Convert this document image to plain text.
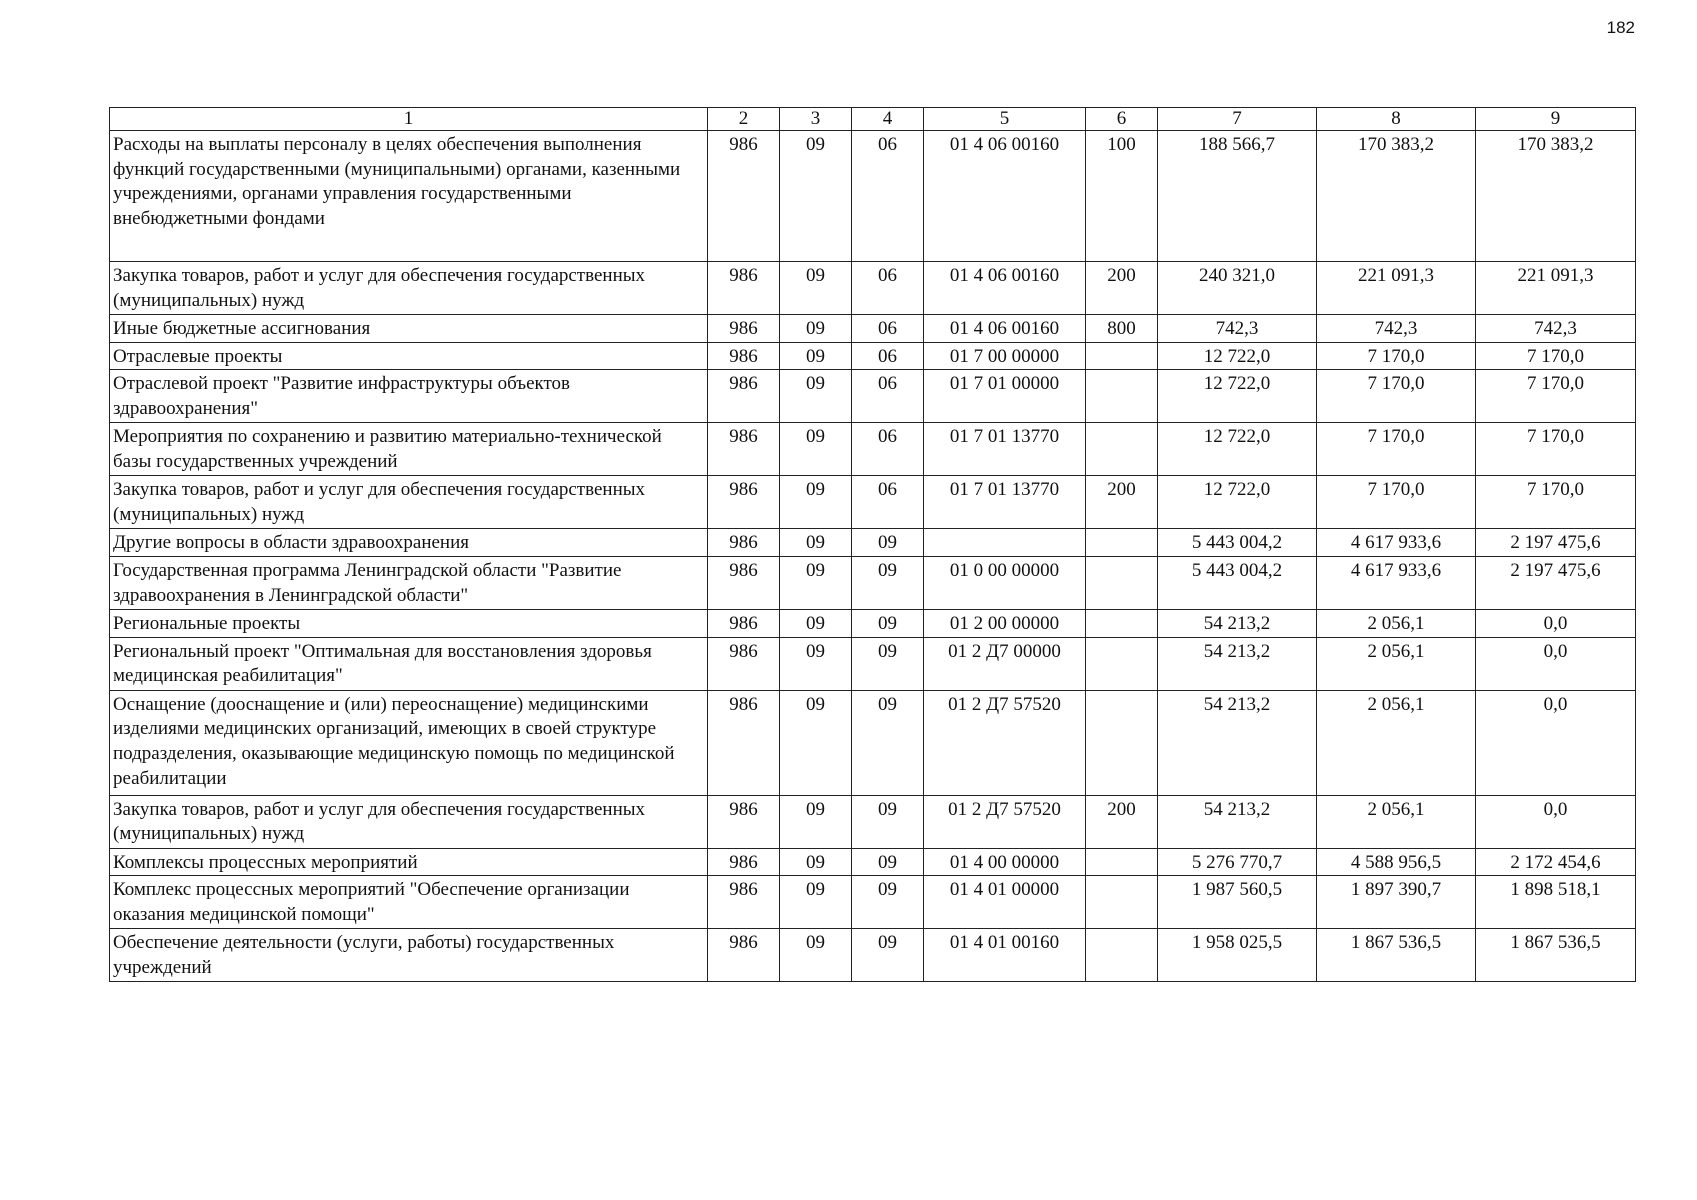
182
1	2	3	4	5	6	7	8	9
Расходы на выплаты персоналу в целях обеспечения выполнения функций государственными (муниципальными) органами, казенными учреждениями, органами управления государственными внебюджетными фондами	986	09	06	01 4 06 00160	100	188 566,7	170 383,2	170 383,2
Закупка товаров, работ и услуг для обеспечения государственных (муниципальных) нужд	986	09	06	01 4 06 00160	200	240 321,0	221 091,3	221 091,3
Иные бюджетные ассигнования	986	09	06	01 4 06 00160	800	742,3	742,3	742,3
Отраслевые проекты	986	09	06	01 7 00 00000		12 722,0	7 170,0	7 170,0
Отраслевой проект "Развитие инфраструктуры объектов здравоохранения"	986	09	06	01 7 01 00000		12 722,0	7 170,0	7 170,0
Мероприятия по сохранению и развитию материально-технической базы государственных учреждений	986	09	06	01 7 01 13770		12 722,0	7 170,0	7 170,0
Закупка товаров, работ и услуг для обеспечения государственных (муниципальных) нужд	986	09	06	01 7 01 13770	200	12 722,0	7 170,0	7 170,0
Другие вопросы в области здравоохранения	986	09	09			5 443 004,2	4 617 933,6	2 197 475,6
Государственная программа Ленинградской области "Развитие здравоохранения в Ленинградской области"	986	09	09	01 0 00 00000		5 443 004,2	4 617 933,6	2 197 475,6
Региональные проекты	986	09	09	01 2 00 00000		54 213,2	2 056,1	0,0
Региональный проект "Оптимальная для восстановления здоровья медицинская реабилитация"	986	09	09	01 2 Д7 00000		54 213,2	2 056,1	0,0
Оснащение (дооснащение и (или) переоснащение) медицинскими изделиями медицинских организаций, имеющих в своей структуре подразделения, оказывающие медицинскую помощь по медицинской реабилитации	986	09	09	01 2 Д7 57520		54 213,2	2 056,1	0,0
Закупка товаров, работ и услуг для обеспечения государственных (муниципальных) нужд	986	09	09	01 2 Д7 57520	200	54 213,2	2 056,1	0,0
Комплексы процессных мероприятий	986	09	09	01 4 00 00000		5 276 770,7	4 588 956,5	2 172 454,6
Комплекс процессных мероприятий "Обеспечение организации оказания медицинской помощи"	986	09	09	01 4 01 00000		1 987 560,5	1 897 390,7	1 898 518,1
Обеспечение деятельности (услуги, работы) государственных учреждений	986	09	09	01 4 01 00160		1 958 025,5	1 867 536,5	1 867 536,5
